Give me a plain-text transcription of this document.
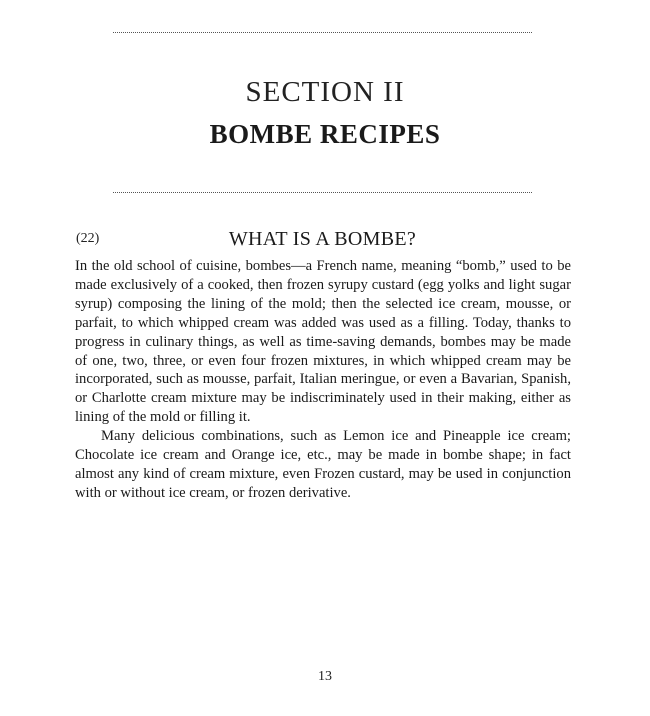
SECTION II
BOMBE RECIPES
(22)	WHAT IS A BOMBE?

In the old school of cuisine, bombes—a French name, meaning “bomb,” used to be made exclusively of a cooked, then frozen syrupy custard (egg yolks and light sugar syrup) composing the lining of the mold; then the selected ice cream, mousse, or parfait, to which whipped cream was added was used as a filling. Today, thanks to progress in culinary things, as well as time-saving demands, bombes may be made of one, two, three, or even four frozen mixtures, in which whipped cream may be incorporated, such as mousse, parfait, Italian meringue, or even a Bavarian, Spanish, or Charlotte cream mixture may be indiscriminately used in their making, either as lining of the mold or filling it.

Many delicious combinations, such as Lemon ice and Pineapple ice cream; Chocolate ice cream and Orange ice, etc., may be made in bombe shape; in fact almost any kind of cream mixture, even Frozen custard, may be used in conjunction with or without ice cream, or frozen derivative.

13
